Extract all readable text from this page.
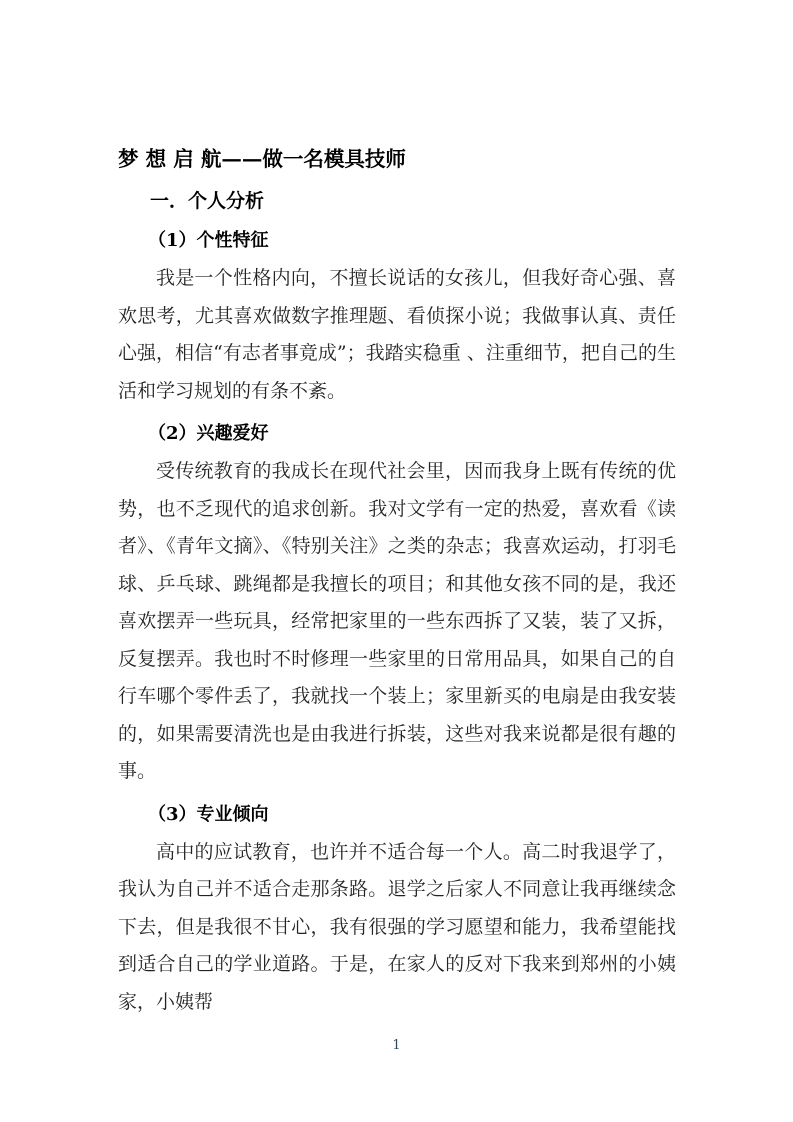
梦 想 启 航——做一名模具技师
一．个人分析
（1）个性特征

我是一个性格内向，不擅长说话的女孩儿，但我好奇心强、喜欢思考，尤其喜欢做数字推理题、看侦探小说；我做事认真、责任心强，相信“有志者事竟成”；我踏实稳重 、注重细节，把自己的生活和学习规划的有条不紊。

（2）兴趣爱好

受传统教育的我成长在现代社会里，因而我身上既有传统的优势，也不乏现代的追求创新。我对文学有一定的热爱，喜欢看《读者》、《青年文摘》、《特别关注》之类的杂志；我喜欢运动，打羽毛球、乒乓球、跳绳都是我擅长的项目；和其他女孩不同的是，我还喜欢摆弄一些玩具，经常把家里的一些东西拆了又装，装了又拆，反复摆弄。我也时不时修理一些家里的日常用品具，如果自己的自行车哪个零件丢了，我就找一个装上；家里新买的电扇是由我安装的，如果需要清洗也是由我进行拆装，这些对我来说都是很有趣的事。

（3）专业倾向

高中的应试教育，也许并不适合每一个人。高二时我退学了，我认为自己并不适合走那条路。退学之后家人不同意让我再继续念下去，但是我很不甘心，我有很强的学习愿望和能力，我希望能找到适合自己的学业道路。于是，在家人的反对下我来到郑州的小姨家，小姨帮

1
